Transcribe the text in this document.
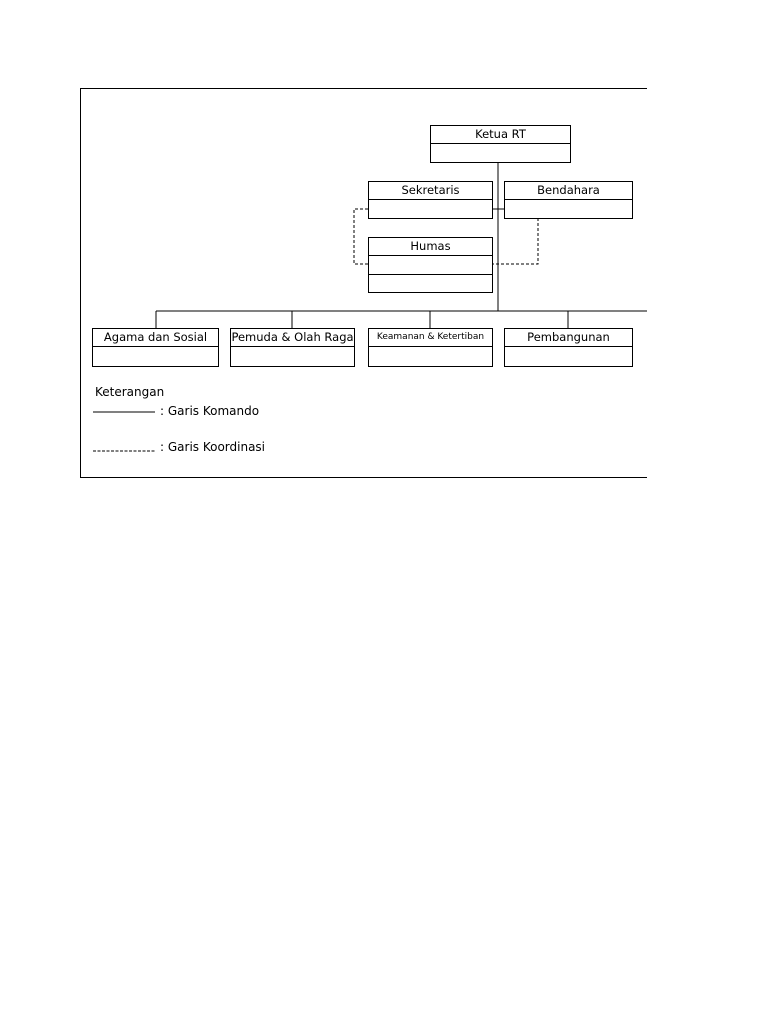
Ketua RT
Sekretaris	Bendahara
Humas
Agama dan Sosial	Pemuda & Olah Raga	Keamanan & Ketertiban	Pembangunan
Keterangan
: Garis Komando
: Garis Koordinasi
